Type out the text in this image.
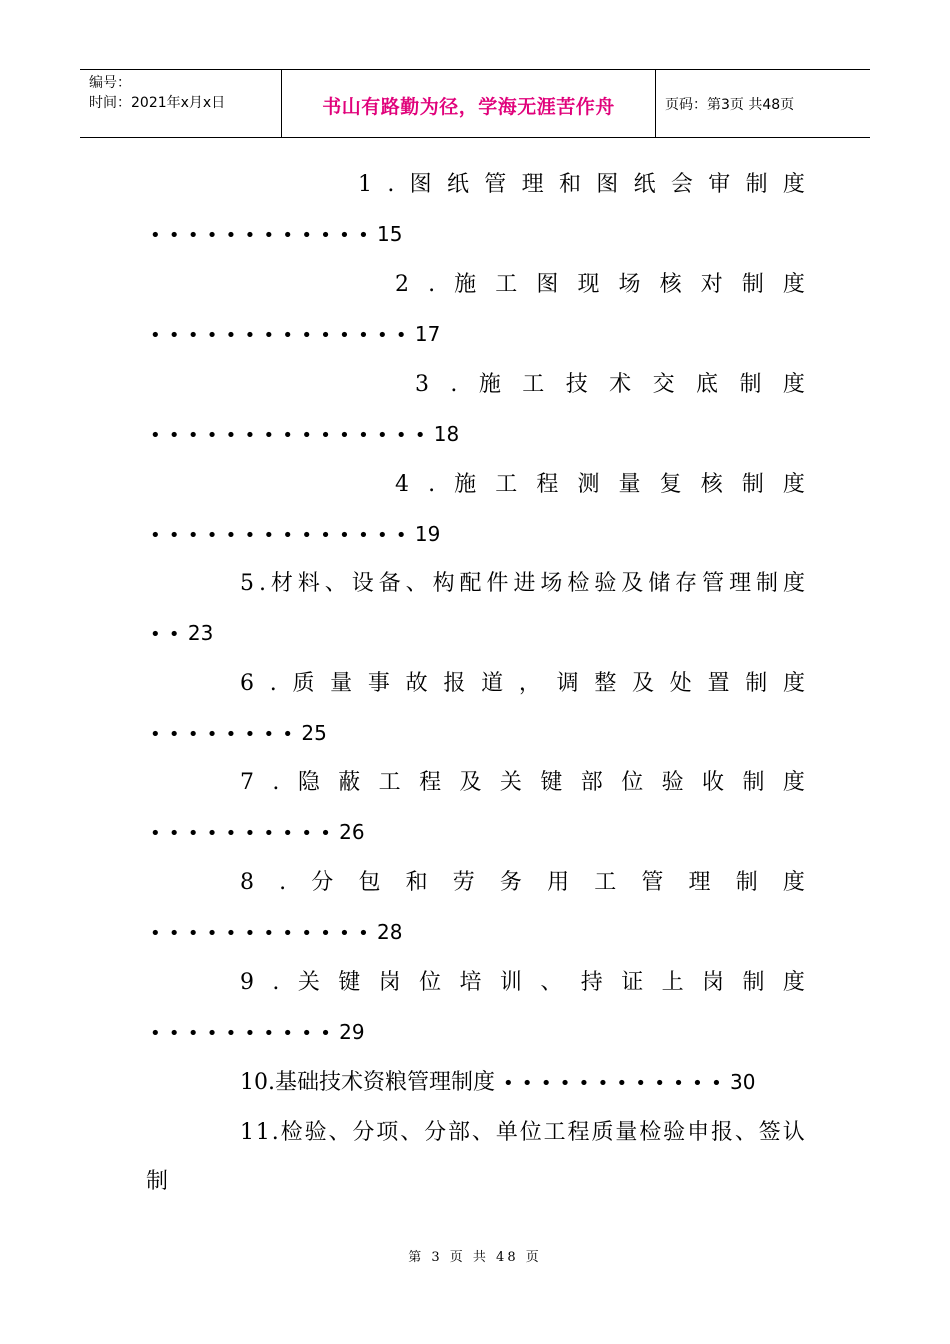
编号：
时间：2021年x月x日	书山有路勤为径，学海无涯苦作舟	页码：第3页 共48页
1 . 图 纸 管 理 和 图 纸 会 审 制 度
••••••••••••15
2 . 施 工 图 现 场 核 对 制 度
••••••••••••••17
3 . 施 工 技 术 交 底 制 度
•••••••••••••••18
4 . 施 工 程 测 量 复 核 制 度
••••••••••••••19
5 . 材 料 、 设 备 、 构 配 件 进 场 检 验 及 储 存 管 理 制 度
••23
6 . 质 量 事 故 报 道 ， 调 整 及 处 置 制 度
••••••••25
7 . 隐 蔽 工 程 及 关 键 部 位 验 收 制 度
••••••••••26
8 . 分 包 和 劳 务 用 工 管 理 制 度
••••••••••••28
9 . 关 键 岗 位 培 训 、 持 证 上 岗 制 度
••••••••••29
10.基础技术资粮管理制度 ••••••••••••30
1 1 . 检 验 、 分 项 、 分 部 、 单 位 工 程 质 量 检 验 申 报 、 签 认
制
第 3 页 共 48 页
